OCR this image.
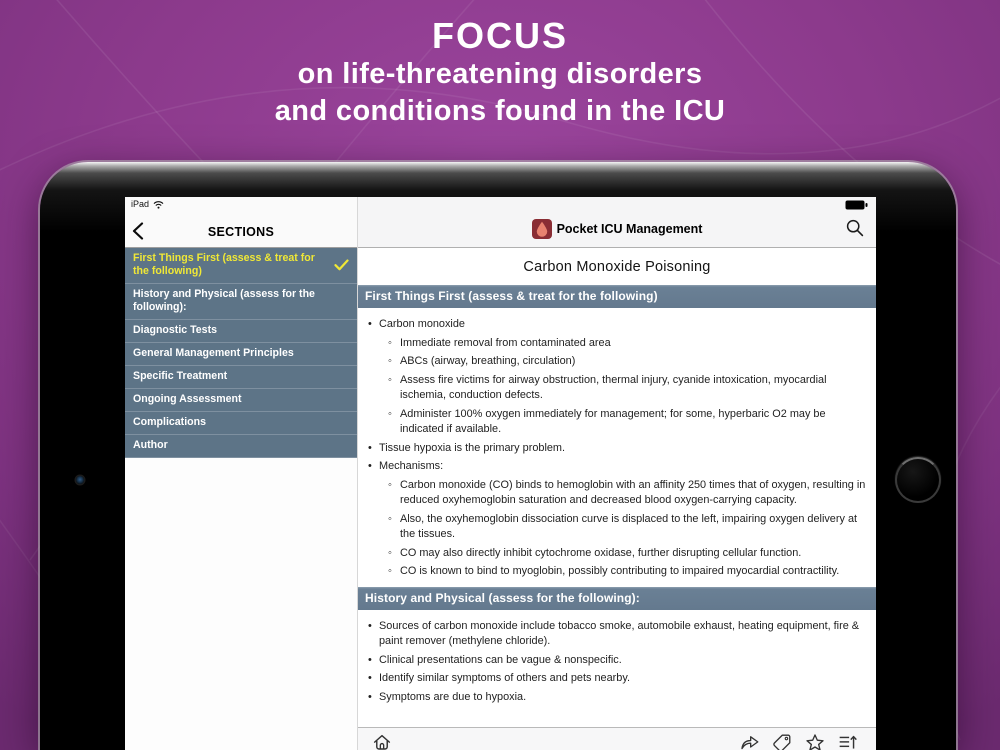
FOCUS
on life-threatening disorders
and conditions found in the ICU
iPad
SECTIONS
First Things First (assess & treat for the following)
History and Physical (assess for the following):
Diagnostic Tests
General Management Principles
Specific Treatment
Ongoing Assessment
Complications
Author
Pocket ICU Management
Carbon Monoxide Poisoning
First Things First (assess & treat for the following)
• Carbon monoxide
◦ Immediate removal from contaminated area
◦ ABCs (airway, breathing, circulation)
◦ Assess fire victims for airway obstruction, thermal injury, cyanide intoxication, myocardial ischemia, conduction defects.
◦ Administer 100% oxygen immediately for management; for some, hyperbaric O2 may be indicated if available.
• Tissue hypoxia is the primary problem.
• Mechanisms:
◦ Carbon monoxide (CO) binds to hemoglobin with an affinity 250 times that of oxygen, resulting in reduced oxyhemoglobin saturation and decreased blood oxygen-carrying capacity.
◦ Also, the oxyhemoglobin dissociation curve is displaced to the left, impairing oxygen delivery at the tissues.
◦ CO may also directly inhibit cytochrome oxidase, further disrupting cellular function.
◦ CO is known to bind to myoglobin, possibly contributing to impaired myocardial contractility.
History and Physical (assess for the following):
• Sources of carbon monoxide include tobacco smoke, automobile exhaust, heating equipment, fire & paint remover (methylene chloride).
• Clinical presentations can be vague & nonspecific.
• Identify similar symptoms of others and pets nearby.
• Symptoms are due to hypoxia.
